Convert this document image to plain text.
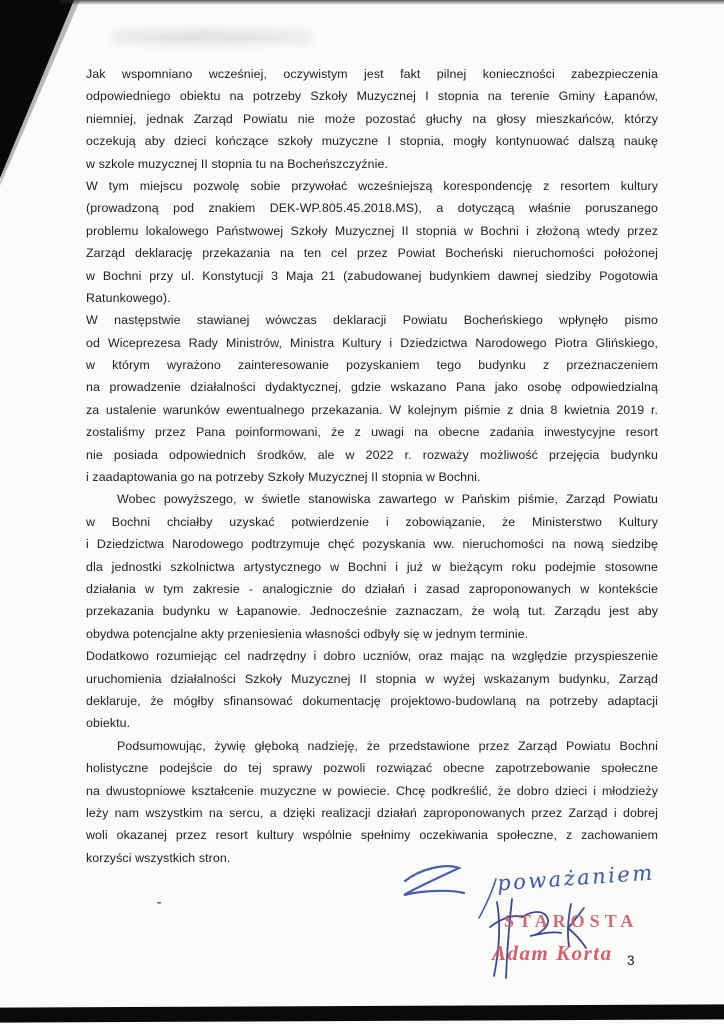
Jak wspomniano wcześniej, oczywistym jest fakt pilnej konieczności zabezpieczenia
odpowiedniego obiektu na potrzeby Szkoły Muzycznej I stopnia na terenie Gminy Łapanów,
niemniej, jednak Zarząd Powiatu nie może pozostać głuchy na głosy mieszkańców, którzy
oczekują aby dzieci kończące szkoły muzyczne I stopnia, mogły kontynuować dalszą naukę
w szkole muzycznej II stopnia tu na Bocheńszczyźnie.
W tym miejscu pozwolę sobie przywołać wcześniejszą korespondencję z resortem kultury
(prowadzoną pod znakiem DEK-WP.805.45.2018.MS), a dotyczącą właśnie poruszanego
problemu lokalowego Państwowej Szkoły Muzycznej II stopnia w Bochni i złożoną wtedy przez
Zarząd deklarację przekazania na ten cel przez Powiat Bocheński nieruchomości położonej
w Bochni przy ul. Konstytucji 3 Maja 21 (zabudowanej budynkiem dawnej siedziby Pogotowia
Ratunkowego).
W następstwie stawianej wówczas deklaracji Powiatu Bocheńskiego wpłynęło pismo
od Wiceprezesa Rady Ministrów, Ministra Kultury i Dziedzictwa Narodowego Piotra Glińskiego,
w którym wyrażono zainteresowanie pozyskaniem tego budynku z przeznaczeniem
na prowadzenie działalności dydaktycznej, gdzie wskazano Pana jako osobę odpowiedzialną
za ustalenie warunków ewentualnego przekazania. W kolejnym piśmie z dnia 8 kwietnia 2019 r.
zostaliśmy przez Pana poinformowani, że z uwagi na obecne zadania inwestycyjne resort
nie posiada odpowiednich środków, ale w 2022 r. rozważy możliwość przejęcia budynku
i zaadaptowania go na potrzeby Szkoły Muzycznej II stopnia w Bochni.
Wobec powyższego, w świetle stanowiska zawartego w Pańskim piśmie, Zarząd Powiatu
w Bochni chciałby uzyskać potwierdzenie i zobowiązanie, że Ministerstwo Kultury
i Dziedzictwa Narodowego podtrzymuje chęć pozyskania ww. nieruchomości na nową siedzibę
dla jednostki szkolnictwa artystycznego w Bochni i już w bieżącym roku podejmie stosowne
działania w tym zakresie - analogicznie do działań i zasad zaproponowanych w kontekście
przekazania budynku w Łapanowie. Jednocześnie zaznaczam, że wolą tut. Zarządu jest aby
obydwa potencjalne akty przeniesienia własności odbyły się w jednym terminie.
Dodatkowo rozumiejąc cel nadrzędny i dobro uczniów, oraz mając na względzie przyspieszenie
uruchomienia działalności Szkoły Muzycznej II stopnia w wyżej wskazanym budynku, Zarząd
deklaruje, że mógłby sfinansować dokumentację projektowo-budowlaną na potrzeby adaptacji
obiektu.
Podsumowując, żywię głęboką nadzieję, że przedstawione przez Zarząd Powiatu Bochni
holistyczne podejście do tej sprawy pozwoli rozwiązać obecne zapotrzebowanie społeczne
na dwustopniowe kształcenie muzyczne w powiecie. Chcę podkreślić, że dobro dzieci i młodzieży
leży nam wszystkim na sercu, a dzięki realizacji działań zaproponowanych przez Zarząd i dobrej
woli okazanej przez resort kultury wspólnie spełnimy oczekiwania społeczne, z zachowaniem
korzyści wszystkich stron.
-
poważaniem
STAROSTA
Adam Korta 3
